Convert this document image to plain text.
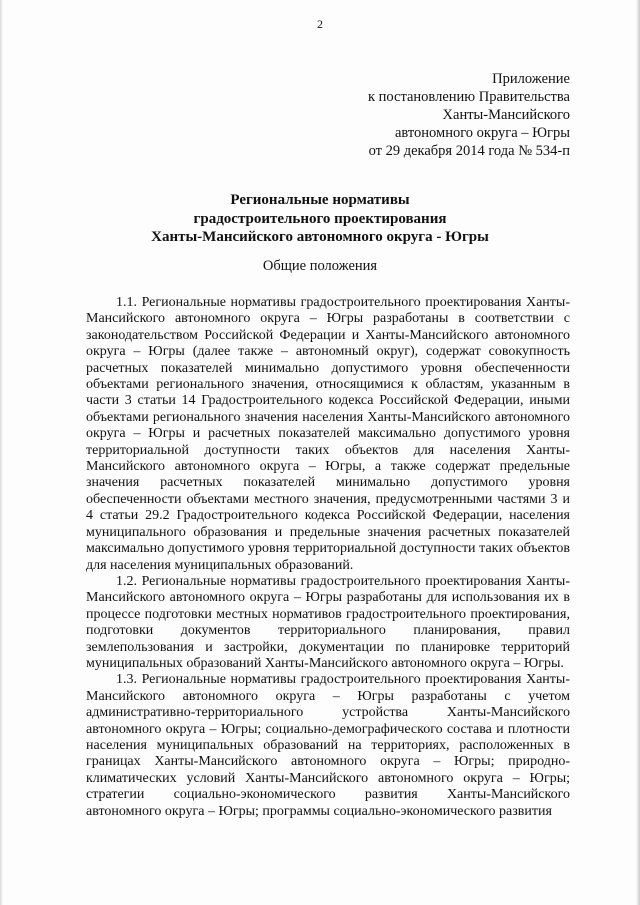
2
Приложение
к постановлению Правительства
Ханты-Мансийского
автономного округа – Югры
от 29 декабря 2014 года № 534-п
Региональные нормативы
градостроительного проектирования
Ханты-Мансийского автономного округа - Югры
Общие положения

1.1. Региональные нормативы градостроительного проектирования Ханты-Мансийского автономного округа – Югры разработаны в соответствии с законодательством Российской Федерации и Ханты-Мансийского автономного округа – Югры (далее также – автономный округ), содержат совокупность расчетных показателей минимально допустимого уровня обеспеченности объектами регионального значения, относящимися к областям, указанным в части 3 статьи 14 Градостроительного кодекса Российской Федерации, иными объектами регионального значения населения Ханты-Мансийского автономного округа – Югры и расчетных показателей максимально допустимого уровня территориальной доступности таких объектов для населения Ханты-Мансийского автономного округа – Югры, а также содержат предельные значения расчетных показателей минимально допустимого уровня обеспеченности объектами местного значения, предусмотренными частями 3 и 4 статьи 29.2 Градостроительного кодекса Российской Федерации, населения муниципального образования и предельные значения расчетных показателей максимально допустимого уровня территориальной доступности таких объектов для населения муниципальных образований.

1.2. Региональные нормативы градостроительного проектирования Ханты-Мансийского автономного округа – Югры разработаны для использования их в процессе подготовки местных нормативов градостроительного проектирования, подготовки документов территориального планирования, правил землепользования и застройки, документации по планировке территорий муниципальных образований Ханты-Мансийского автономного округа – Югры.

1.3. Региональные нормативы градостроительного проектирования Ханты-Мансийского автономного округа – Югры разработаны с учетом административно-территориального устройства Ханты-Мансийского автономного округа – Югры; социально-демографического состава и плотности населения муниципальных образований на территориях, расположенных в границах Ханты-Мансийского автономного округа – Югры; природно-климатических условий Ханты-Мансийского автономного округа – Югры; стратегии социально-экономического развития Ханты-Мансийского автономного округа – Югры; программы социально-экономического развития
